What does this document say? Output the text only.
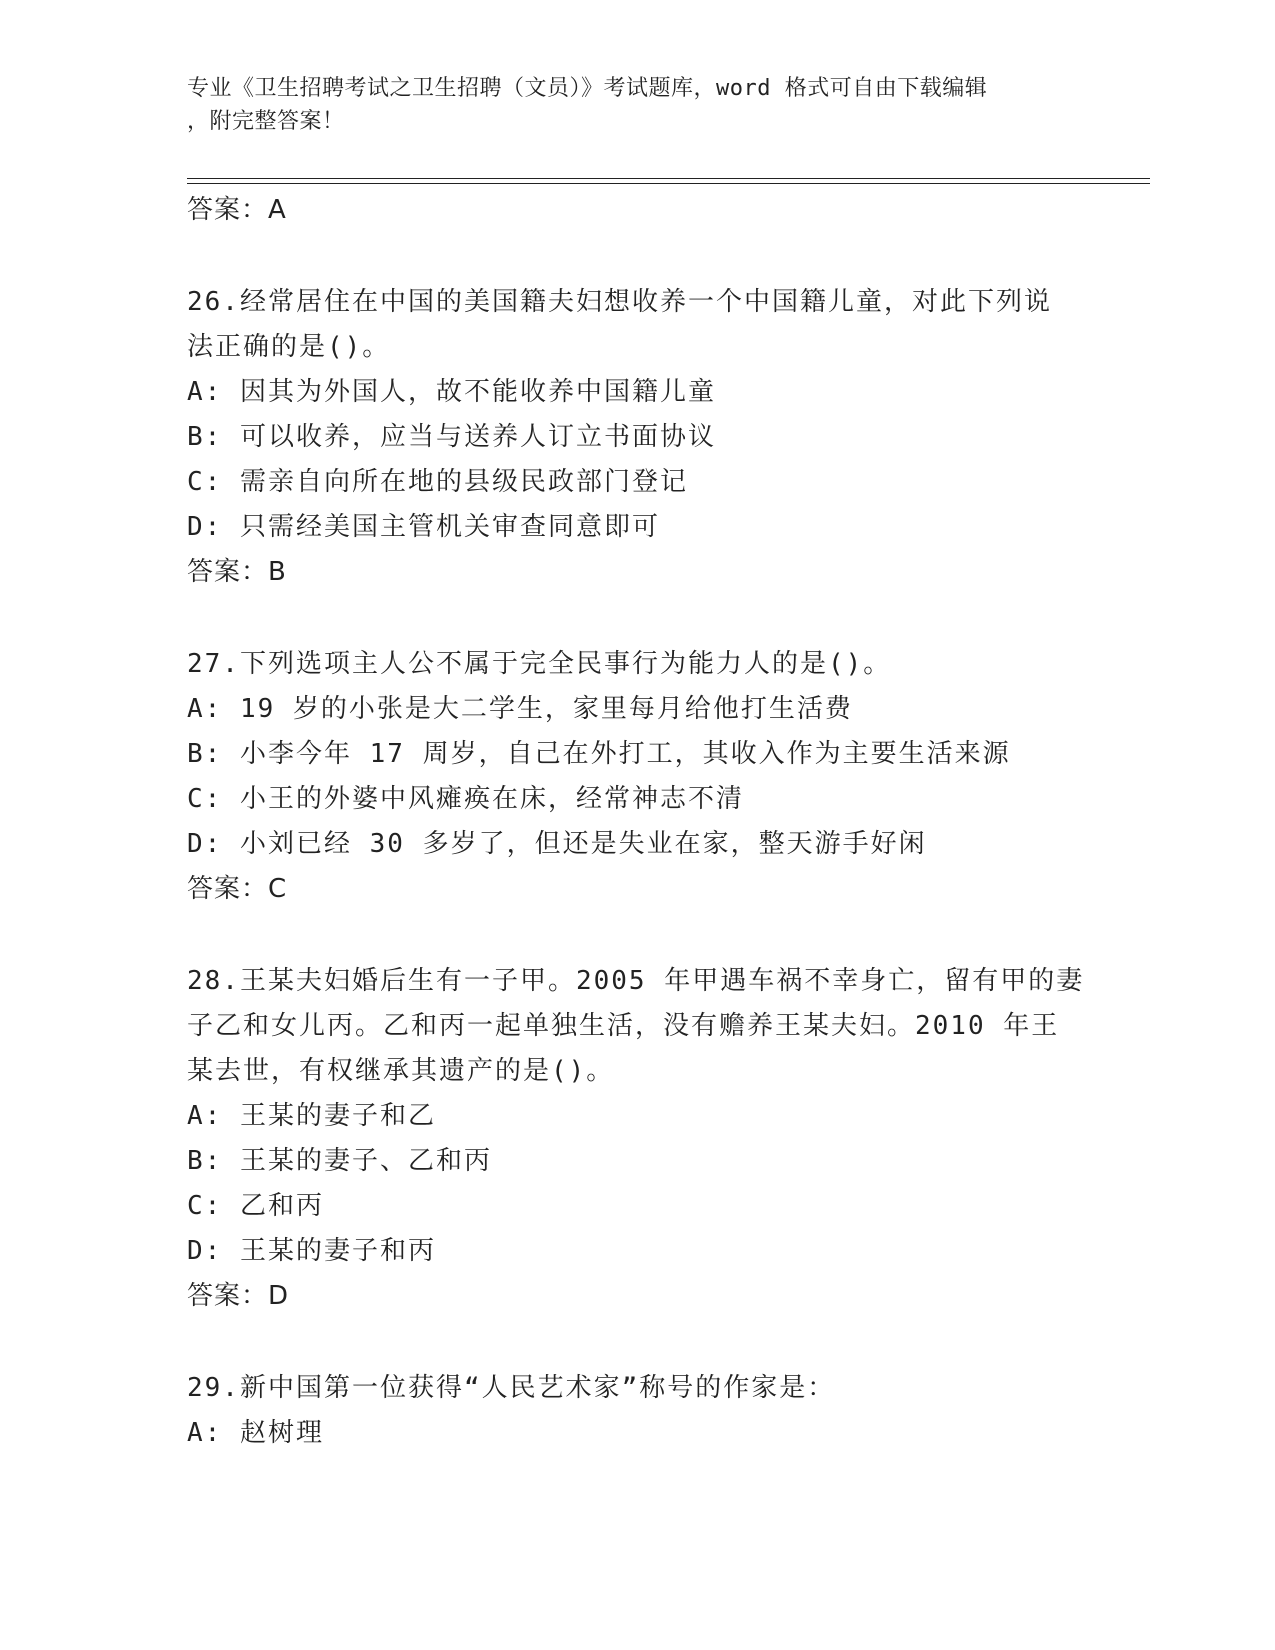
专业《卫生招聘考试之卫生招聘（文员）》考试题库，word 格式可自由下载编辑
，附完整答案！
答案：A
26.经常居住在中国的美国籍夫妇想收养一个中国籍儿童，对此下列说
法正确的是()。
A: 因其为外国人，故不能收养中国籍儿童
B: 可以收养，应当与送养人订立书面协议
C: 需亲自向所在地的县级民政部门登记
D: 只需经美国主管机关审查同意即可
答案：B
27.下列选项主人公不属于完全民事行为能力人的是()。
A: 19 岁的小张是大二学生，家里每月给他打生活费
B: 小李今年 17 周岁，自己在外打工，其收入作为主要生活来源
C: 小王的外婆中风瘫痪在床，经常神志不清
D: 小刘已经 30 多岁了，但还是失业在家，整天游手好闲
答案：C
28.王某夫妇婚后生有一子甲。2005 年甲遇车祸不幸身亡，留有甲的妻
子乙和女儿丙。乙和丙一起单独生活，没有赡养王某夫妇。2010 年王
某去世，有权继承其遗产的是()。
A: 王某的妻子和乙
B: 王某的妻子、乙和丙
C: 乙和丙
D: 王某的妻子和丙
答案：D
29.新中国第一位获得“人民艺术家”称号的作家是：
A: 赵树理
